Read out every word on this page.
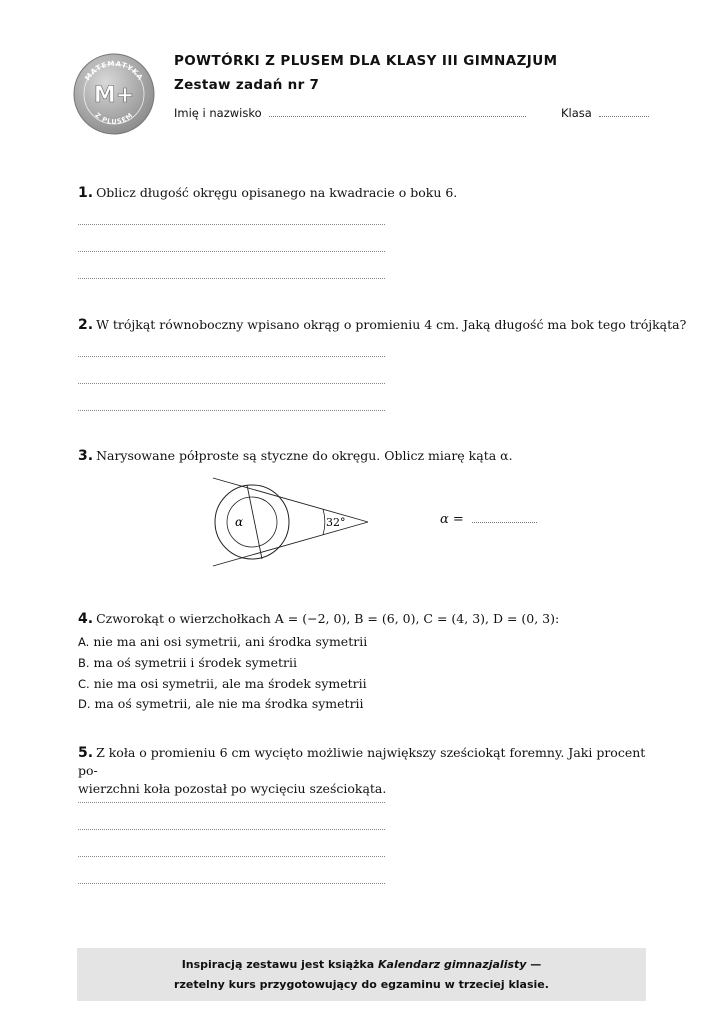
MATEMATYKA
M+
Z PLUSEM
POWTÓRKI Z PLUSEM DLA KLASY III GIMNAZJUM
Zestaw zadań nr 7
Imię i nazwisko	Klasa
1. Oblicz długość okręgu opisanego na kwadracie o boku 6.
2. W trójkąt równoboczny wpisano okrąg o promieniu 4 cm. Jaką długość ma bok tego trójkąta?
3. Narysowane półproste są styczne do okręgu. Oblicz miarę kąta α.
α	32°	α =
4. Czworokąt o wierzchołkach A = (−2, 0), B = (6, 0), C = (4, 3), D = (0, 3):
A. nie ma ani osi symetrii, ani środka symetrii
B. ma oś symetrii i środek symetrii
C. nie ma osi symetrii, ale ma środek symetrii
D. ma oś symetrii, ale nie ma środka symetrii
5. Z koła o promieniu 6 cm wycięto możliwie największy sześciokąt foremny. Jaki procent po-
wierzchni koła pozostał po wycięciu sześciokąta.

Inspiracją zestawu jest książka Kalendarz gimnazjalisty —

rzetelny kurs przygotowujący do egzaminu w trzeciej klasie.
